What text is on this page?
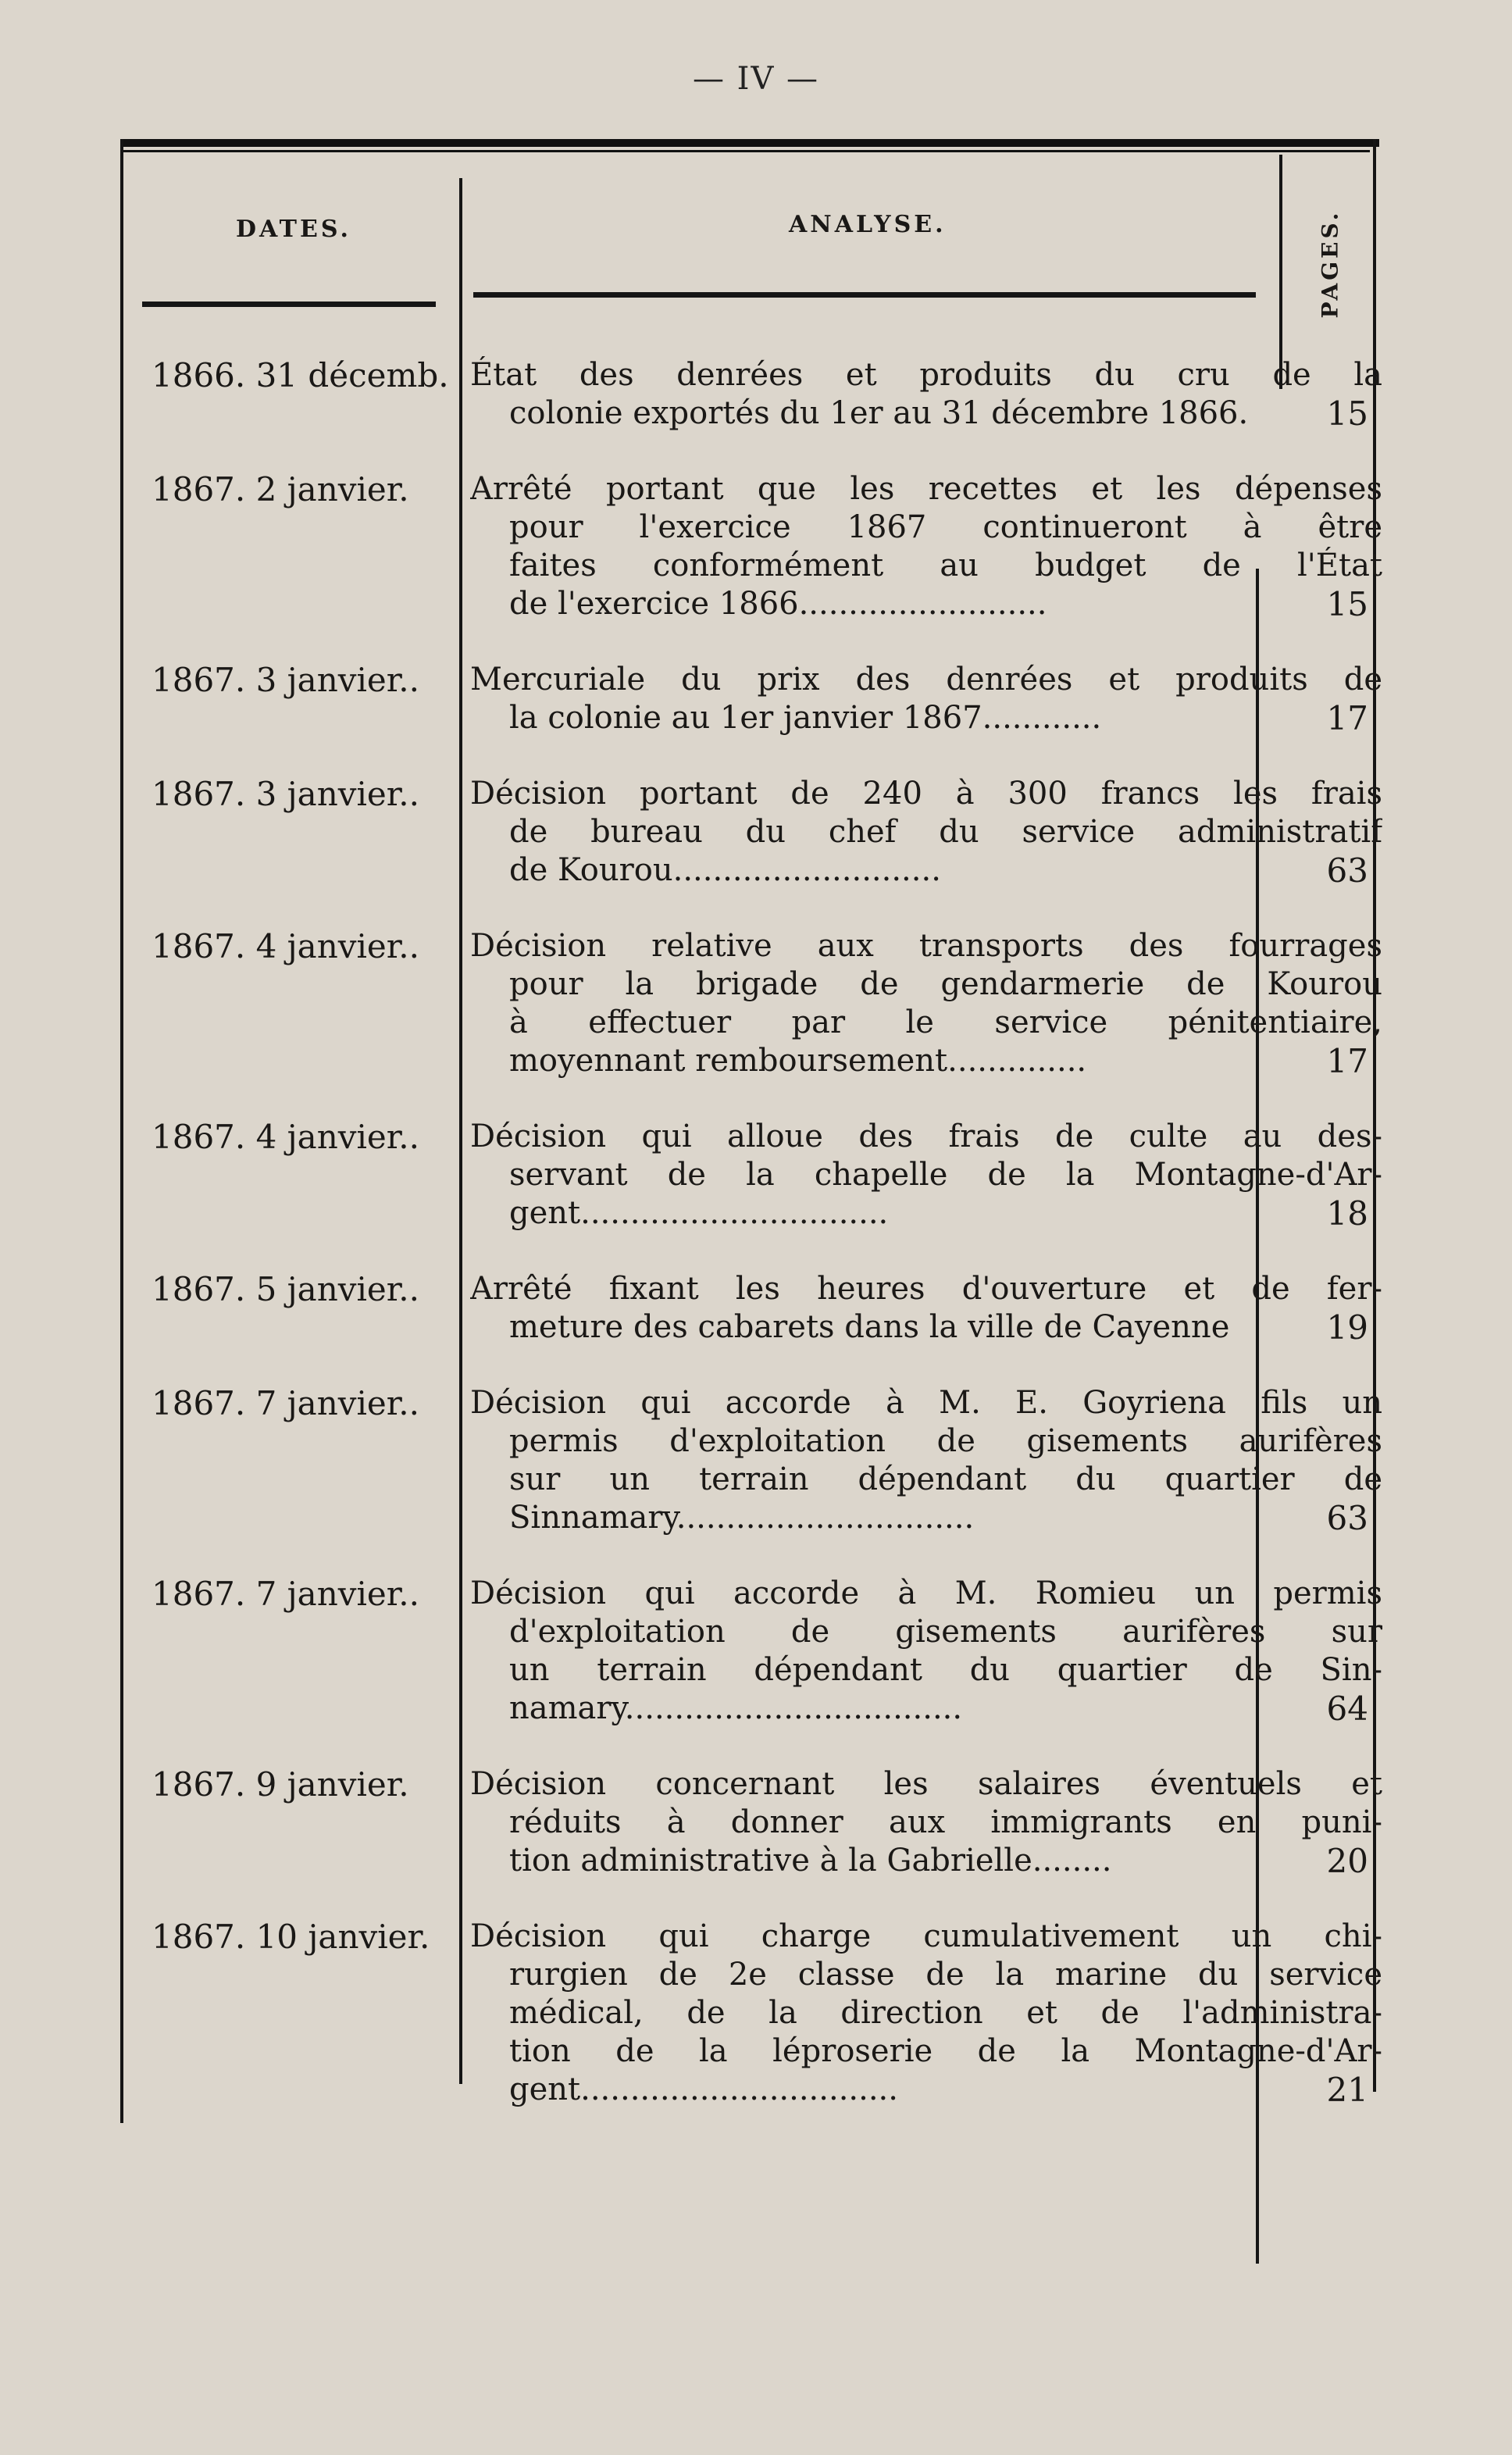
— IV —
DATES.	ANALYSE.	PAGES.
1866. 31 décemb. État des denrées et produits du cru de la
colonie exportés du 1er au 31 décembre 1866.	15
1867. 2 janvier.	Arrêté portant que les recettes et les dépenses
pour l'exercice 1867 continueront à être
faites conformément au budget de l'État
de l'exercice 1866.........................	15
1867. 3 janvier..	Mercuriale du prix des denrées et produits de
la colonie au 1er janvier 1867............	17
1867. 3 janvier..	Décision portant de 240 à 300 francs les frais
de bureau du chef du service administratif
de Kourou...........................	63
1867. 4 janvier..	Décision relative aux transports des fourrages
pour la brigade de gendarmerie de Kourou
à effectuer par le service pénitentiaire,
moyennant remboursement..............	17
1867. 4 janvier..	Décision qui alloue des frais de culte au des-
servant de la chapelle de la Montagne-d'Ar-
gent...............................	18
1867. 5 janvier..	Arrêté fixant les heures d'ouverture et de fer-
meture des cabarets dans la ville de Cayenne	19
1867. 7 janvier..	Décision qui accorde à M. E. Goyriena fils un
permis d'exploitation de gisements aurifères
sur un terrain dépendant du quartier de
Sinnamary..............................	63
1867. 7 janvier..	Décision qui accorde à M. Romieu un permis
d'exploitation de gisements aurifères sur
un terrain dépendant du quartier de Sin-
namary..................................	64
1867. 9 janvier.	Décision concernant les salaires éventuels et
réduits à donner aux immigrants en puni-
tion administrative à la Gabrielle........	20
1867. 10 janvier.	Décision qui charge cumulativement un chi-
rurgien de 2e classe de la marine du service
médical, de la direction et de l'administra-
tion de la léproserie de la Montagne-d'Ar-
gent................................	21
